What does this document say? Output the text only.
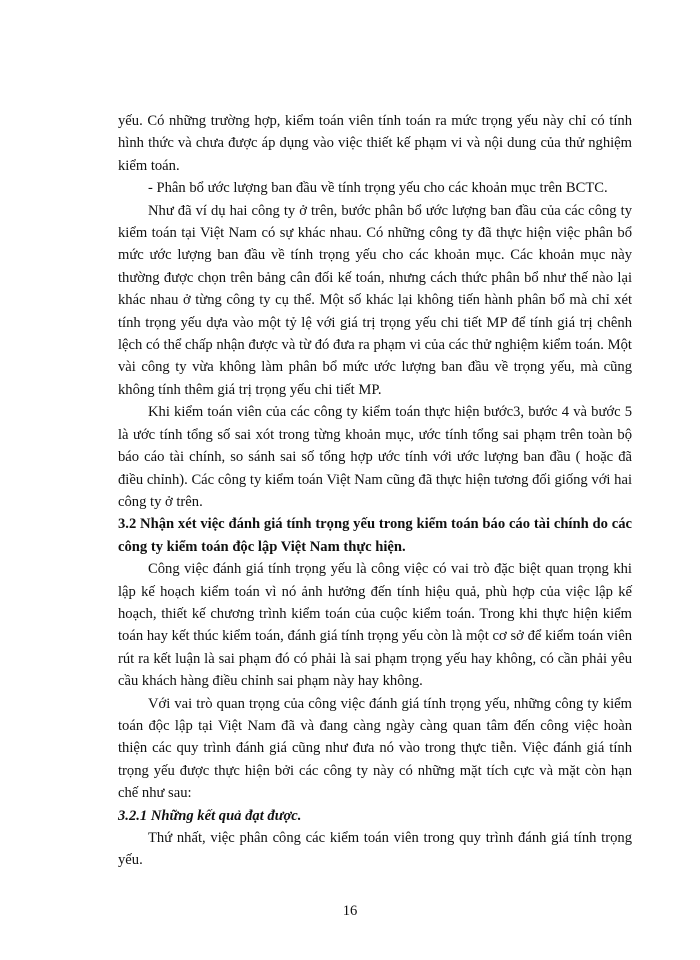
yếu. Có những trường hợp, kiểm toán viên tính toán ra mức trọng yếu này chỉ có tính hình thức và chưa được áp dụng vào việc thiết kế phạm vi và nội dung của thử nghiệm kiểm toán.

- Phân bổ ước lượng ban đầu về tính trọng yếu cho các khoản mục trên BCTC.

Như đã ví dụ hai công ty ở trên, bước phân bổ ước lượng ban đầu của các công ty kiểm toán tại Việt Nam có sự khác nhau. Có những công ty đã thực hiện việc phân bổ mức ước lượng ban đầu về tính trọng yếu cho các khoản mục. Các khoản mục này thường được chọn trên bảng cân đối kế toán, nhưng cách thức phân bổ như thế nào lại khác nhau ở từng công ty cụ thể. Một số khác lại không tiến hành phân bổ mà chỉ xét tính trọng yếu dựa vào một tỷ lệ với giá trị trọng yếu chi tiết MP để tính giá trị chênh lệch có thể chấp nhận được và từ đó đưa ra phạm vi của các thử nghiệm kiểm toán. Một vài công ty vừa không làm phân bổ mức ước lượng ban đầu về trọng yếu, mà cũng không tính thêm giá trị trọng yếu chi tiết MP.

Khi kiểm toán viên của các công ty kiểm toán thực hiện bước3, bước 4 và bước 5 là ước tính tổng số sai xót trong từng khoản mục, ước tính tổng sai phạm trên toàn bộ báo cáo tài chính, so sánh sai số tổng hợp ước tính với ước lượng ban đầu ( hoặc đã điều chỉnh). Các công ty kiểm toán Việt Nam cũng đã thực hiện tương đối giống với hai công ty ở trên.

3.2 Nhận xét việc đánh giá tính trọng yếu trong kiểm toán báo cáo tài chính do các công ty kiểm toán độc lập Việt Nam thực hiện.

Công việc đánh giá tính trọng yếu là công việc có vai trò đặc biệt quan trọng khi lập kế hoạch kiểm toán vì nó ảnh hưởng đến tính hiệu quả, phù hợp của việc lập kế hoạch, thiết kế chương trình kiểm toán của cuộc kiểm toán. Trong khi thực hiện kiểm toán hay kết thúc kiểm toán, đánh giá tính trọng yếu còn là một cơ sở để kiểm toán viên rút ra kết luận là sai phạm đó có phải là sai phạm trọng yếu hay không, có cần phải yêu cầu khách hàng điều chỉnh sai phạm này hay không.

Với vai trò quan trọng của công việc đánh giá tính trọng yếu, những công ty kiểm toán độc lập tại Việt Nam đã và đang càng ngày càng quan tâm đến công việc hoàn thiện các quy trình đánh giá cũng như đưa nó vào trong thực tiễn. Việc đánh giá tính trọng yếu được thực hiện bởi các công ty này có những mặt tích cực và mặt còn hạn chế như sau:

3.2.1 Những kết quả đạt được.

Thứ nhất, việc phân công các kiểm toán viên trong quy trình đánh giá tính trọng yếu.

16
